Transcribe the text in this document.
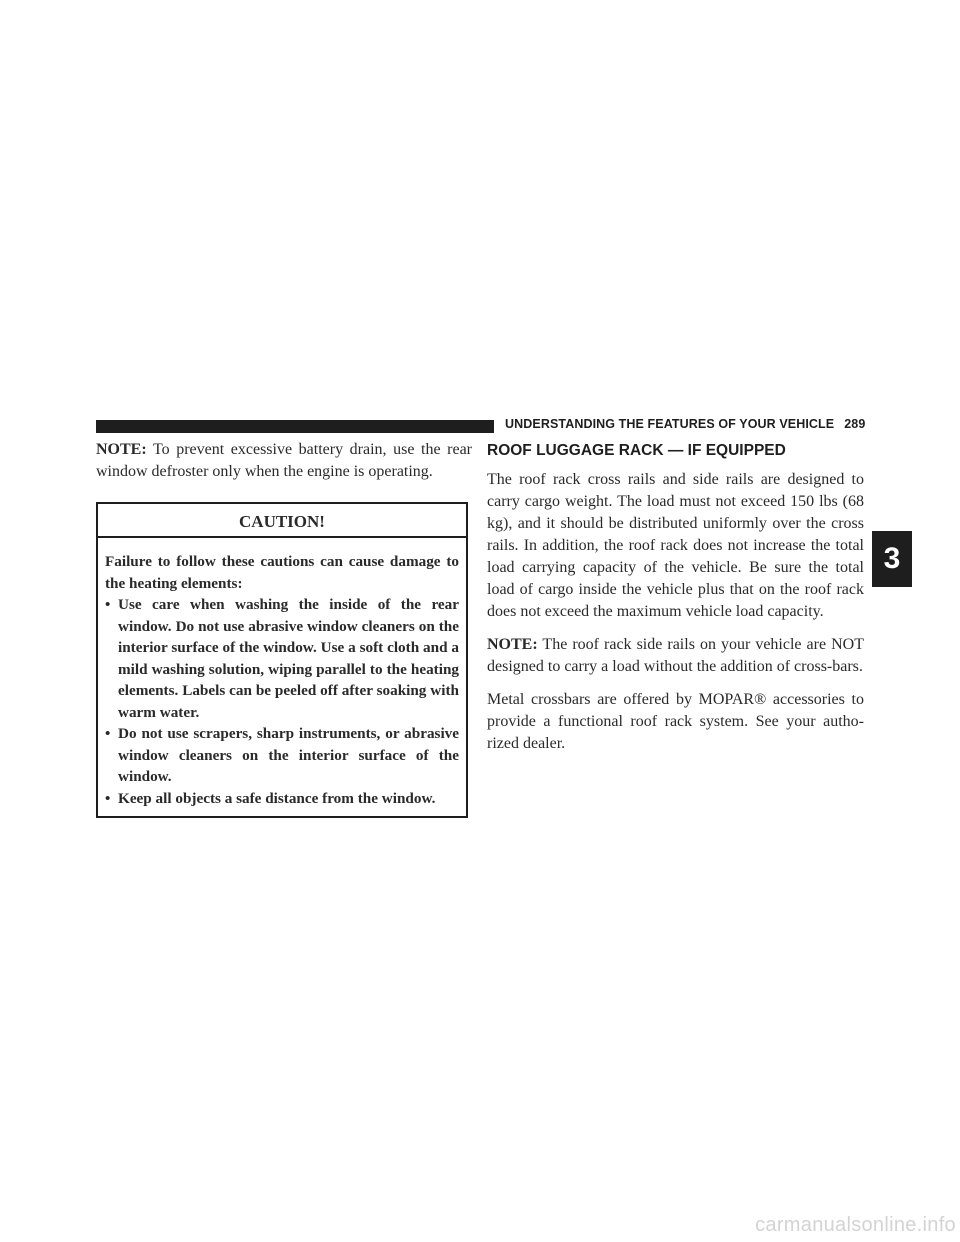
UNDERSTANDING THE FEATURES OF YOUR VEHICLE 289

NOTE: To prevent excessive battery drain, use the rear window defroster only when the engine is operating.

CAUTION!

Failure to follow these cautions can cause damage to the heating elements:

• Use care when washing the inside of the rear window. Do not use abrasive window cleaners on the interior surface of the window. Use a soft cloth and a mild washing solution, wiping parallel to the heating elements. Labels can be peeled off after soaking with warm water.
• Do not use scrapers, sharp instruments, or abrasive window cleaners on the interior surface of the window.
• Keep all objects a safe distance from the window.
ROOF LUGGAGE RACK — IF EQUIPPED

The roof rack cross rails and side rails are designed to carry cargo weight. The load must not exceed 150 lbs (68 kg), and it should be distributed uniformly over the cross rails. In addition, the roof rack does not increase the total load carrying capacity of the vehicle. Be sure the total load of cargo inside the vehicle plus that on the roof rack does not exceed the maximum vehicle load capacity.

NOTE: The roof rack side rails on your vehicle are NOT designed to carry a load without the addition of cross-bars.

Metal crossbars are offered by MOPAR® accessories to provide a functional roof rack system. See your autho-rized dealer.

3
carmanualsonline.info
